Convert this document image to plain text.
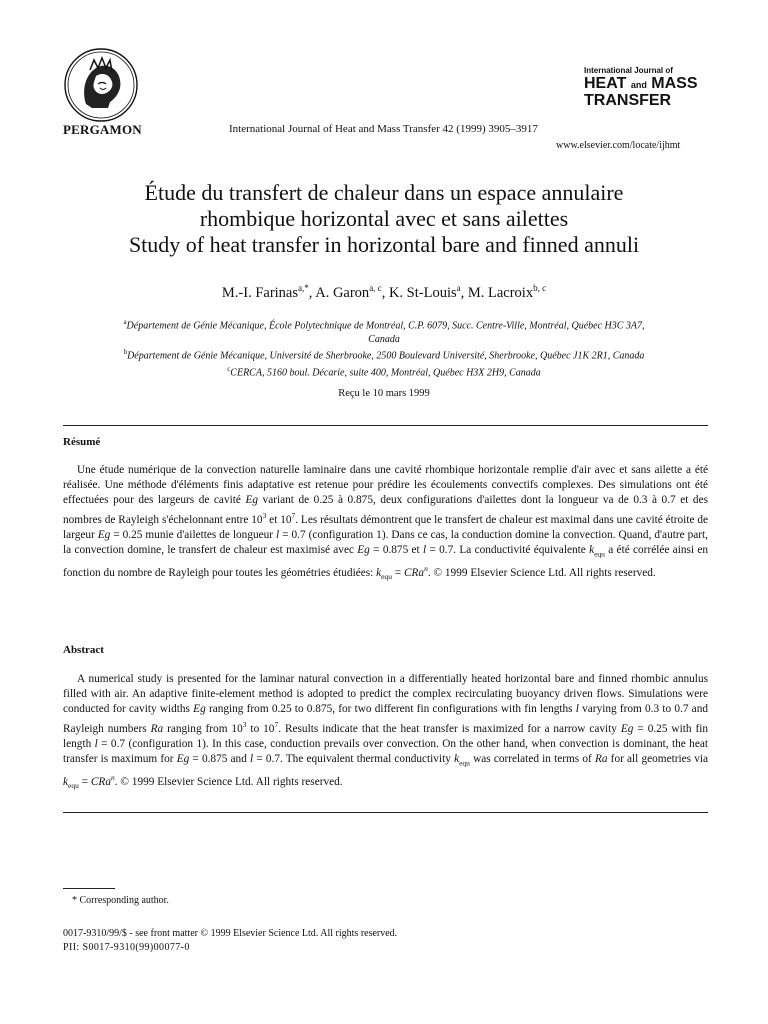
PERGAMON	International Journal of Heat and Mass Transfer 42 (1999) 3905–3917
www.elsevier.com/locate/ijhmt
International Journal of
HEAT and MASS
TRANSFER
Étude du transfert de chaleur dans un espace annulaire
rhombique horizontal avec et sans ailettes
Study of heat transfer in horizontal bare and finned annuli
M.-I. Farinas$^{a,*}$, A. Garon$^{a, c}$, K. St-Louis$^a$, M. Lacroix$^{b, c}$
$^a$Département de Génie Mécanique, École Polytechnique de Montréal, C.P. 6079, Succ. Centre-Ville, Montréal, Québec H3C 3A7,
Canada
$^b$Département de Génie Mécanique, Université de Sherbrooke, 2500 Boulevard Université, Sherbrooke, Québec J1K 2R1, Canada
$^c$CERCA, 5160 boul. Décarie, suite 400, Montréal, Québec H3X 2H9, Canada
Reçu le 10 mars 1999
Résumé
Une étude numérique de la convection naturelle laminaire dans une cavité rhombique horizontale remplie d'air avec et sans ailette a été réalisée. Une méthode d'éléments finis adaptative est retenue pour prédire les écoulements convectifs complexes. Des simulations ont été effectuées pour des largeurs de cavité Eg variant de 0.25 à 0.875, deux configurations d'ailettes dont la longueur va de 0.3 à 0.7 et des nombres de Rayleigh s'échelonnant entre $10^3$ et $10^7$. Les résultats démontrent que le transfert de chaleur est maximal dans une cavité étroite de largeur Eg = 0.25 munie d'ailettes de longueur l = 0.7 (configuration 1). Dans ce cas, la conduction domine la convection. Quand, d'autre part, la convection domine, le transfert de chaleur est maximisé avec Eg = 0.875 et l = 0.7. La conductivité équivalente $k_{equ}$ a été corrélée ainsi en fonction du nombre de Rayleigh pour toutes les géométries étudiées: $k_{equ} = CRa^n$. © 1999 Elsevier Science Ltd. All rights reserved.
Abstract
A numerical study is presented for the laminar natural convection in a differentially heated horizontal bare and finned rhombic annulus filled with air. An adaptive finite-element method is adopted to predict the complex recirculating buoyancy driven flows. Simulations were conducted for cavity widths Eg ranging from 0.25 to 0.875, for two different fin configurations with fin lengths l varying from 0.3 to 0.7 and Rayleigh numbers Ra ranging from $10^3$ to $10^7$. Results indicate that the heat transfer is maximized for a narrow cavity Eg = 0.25 with fin length l = 0.7 (configuration 1). In this case, conduction prevails over convection. On the other hand, when convection is dominant, the heat transfer is maximum for Eg = 0.875 and l = 0.7. The equivalent thermal conductivity $k_{equ}$ was correlated in terms of Ra for all geometries via $k_{equ} = CRa^n$. © 1999 Elsevier Science Ltd. All rights reserved.
* Corresponding author.
0017-9310/99/$ - see front matter © 1999 Elsevier Science Ltd. All rights reserved.
PII: S0017-9310(99)00077-0
